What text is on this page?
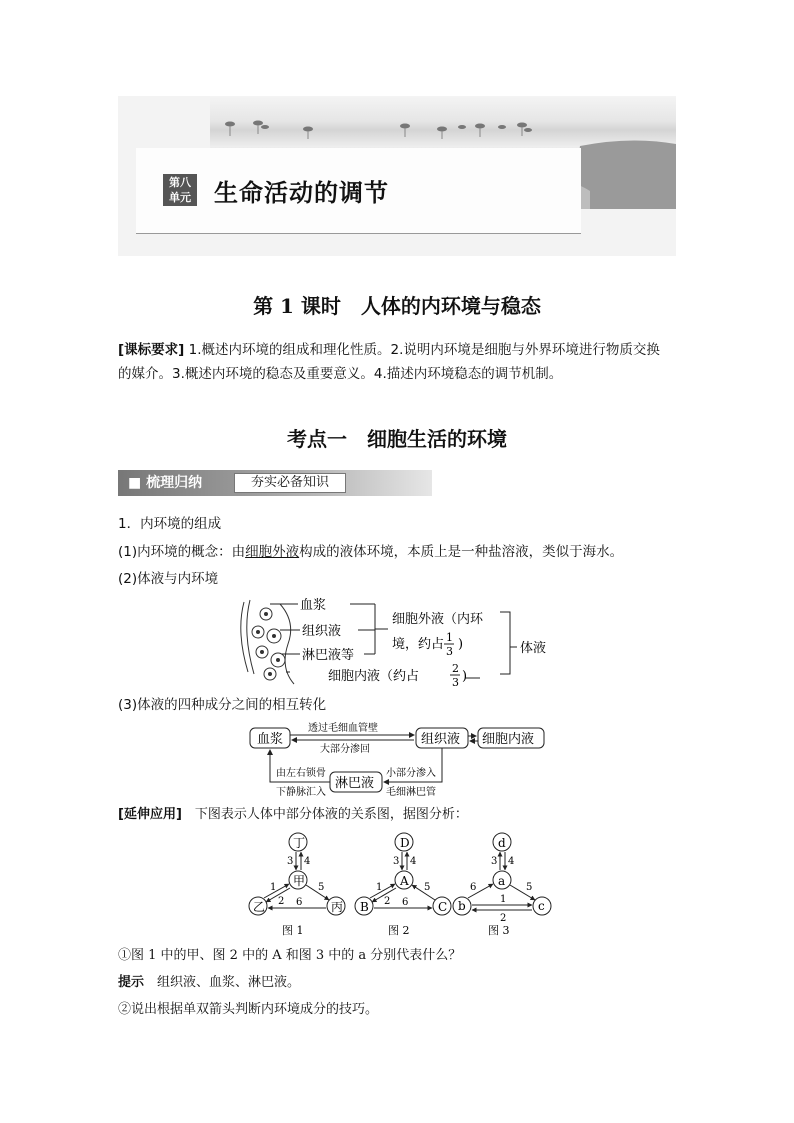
第八
单元 生命活动的调节
第 1 课时　人体的内环境与稳态
[课标要求] 1.概述内环境的组成和理化性质。2.说明内环境是细胞与外界环境进行物质交换
的媒介。3.概述内环境的稳态及重要意义。4.描述内环境稳态的调节机制。
考点一　细胞生活的环境
■ 梳理归纳	夯实必备知识
1．内环境的组成
(1)内环境的概念：由细胞外液构成的液体环境，本质上是一种盐溶液，类似于海水。
(2)体液与内环境
血浆
组织液
淋巴液等
细胞外液（内环
境，约占 1
3 )
细胞内液（约占
2
3 )
体液
(3)体液的四种成分之间的相互转化
血浆	组织液 细胞内液
淋巴液
透过毛细血管壁
大部分渗回
由左右锁骨
下静脉汇入
小部分渗入
毛细淋巴管
[延伸应用]　 下图表示人体中部分体液的关系图，据图分析：
丁
甲
乙	丙
3 4
1
2
5
6
图 1
D
A
B	C
3 4
1
2
5
6
图 2
d
a
b	c
3 4
6	5
1
2
图 3
①图 1 中的甲、图 2 中的 A 和图 3 中的 a 分别代表什么？
提示　 组织液、血浆、淋巴液。
②说出根据单双箭头判断内环境成分的技巧。
